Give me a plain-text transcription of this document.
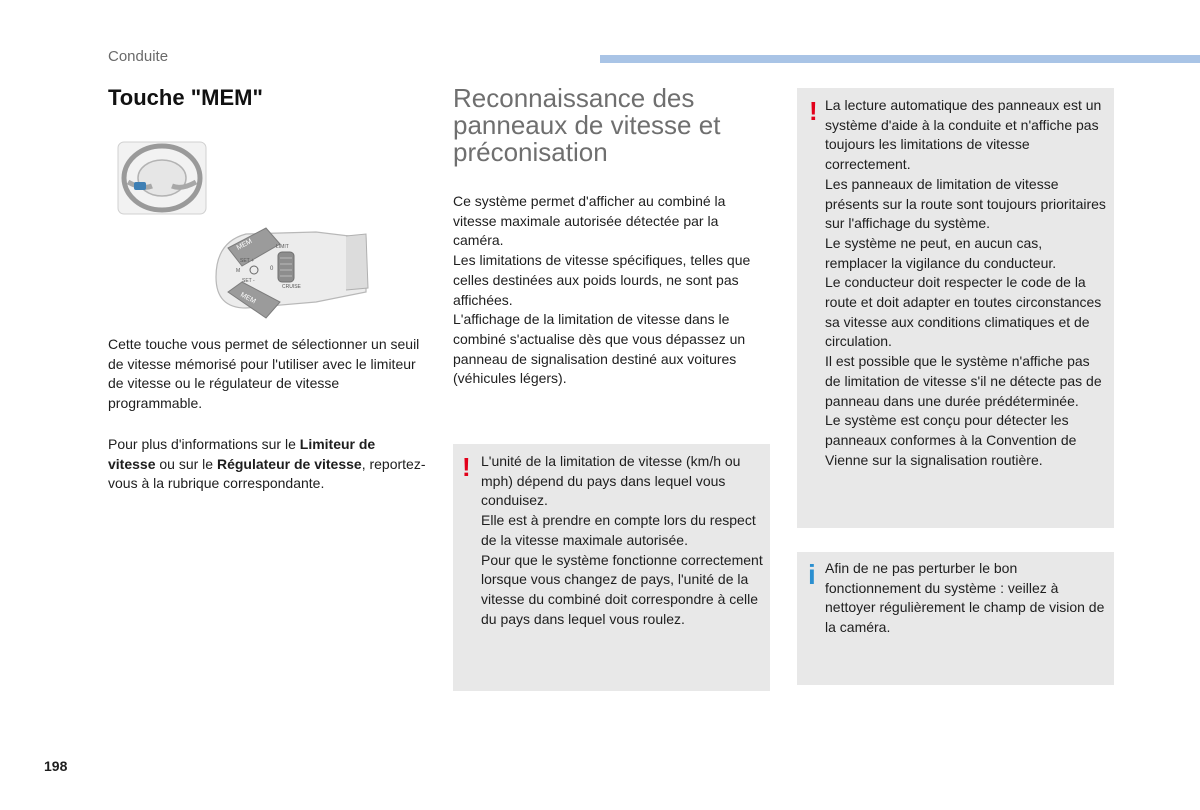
Conduite

Touche "MEM"
MEM
MEM
SET +
M
SET -
LIMIT
0
CRUISE

Cette touche vous permet de sélectionner un seuil de vitesse mémorisé pour l'utiliser avec le limiteur de vitesse ou le régulateur de vitesse programmable.

Pour plus d'informations sur le Limiteur de vitesse ou sur le Régulateur de vitesse, reportez-vous à la rubrique correspondante.

Reconnaissance des panneaux de vitesse et préconisation

Ce système permet d'afficher au combiné la vitesse maximale autorisée détectée par la caméra.
Les limitations de vitesse spécifiques, telles que celles destinées aux poids lourds, ne sont pas affichées.
L'affichage de la limitation de vitesse dans le combiné s'actualise dès que vous dépassez un panneau de signalisation destiné aux voitures (véhicules légers).

! L'unité de la limitation de vitesse (km/h ou mph) dépend du pays dans lequel vous conduisez.
Elle est à prendre en compte lors du respect de la vitesse maximale autorisée.
Pour que le système fonctionne correctement lorsque vous changez de pays, l'unité de la vitesse du combiné doit correspondre à celle du pays dans lequel vous roulez.

! La lecture automatique des panneaux est un système d'aide à la conduite et n'affiche pas toujours les limitations de vitesse correctement.
Les panneaux de limitation de vitesse présents sur la route sont toujours prioritaires sur l'affichage du système.
Le système ne peut, en aucun cas, remplacer la vigilance du conducteur.
Le conducteur doit respecter le code de la route et doit adapter en toutes circonstances sa vitesse aux conditions climatiques et de circulation.
Il est possible que le système n'affiche pas de limitation de vitesse s'il ne détecte pas de panneau dans une durée prédéterminée.
Le système est conçu pour détecter les panneaux conformes à la Convention de Vienne sur la signalisation routière.

i Afin de ne pas perturber le bon fonctionnement du système : veillez à nettoyer régulièrement le champ de vision de la caméra.

198
